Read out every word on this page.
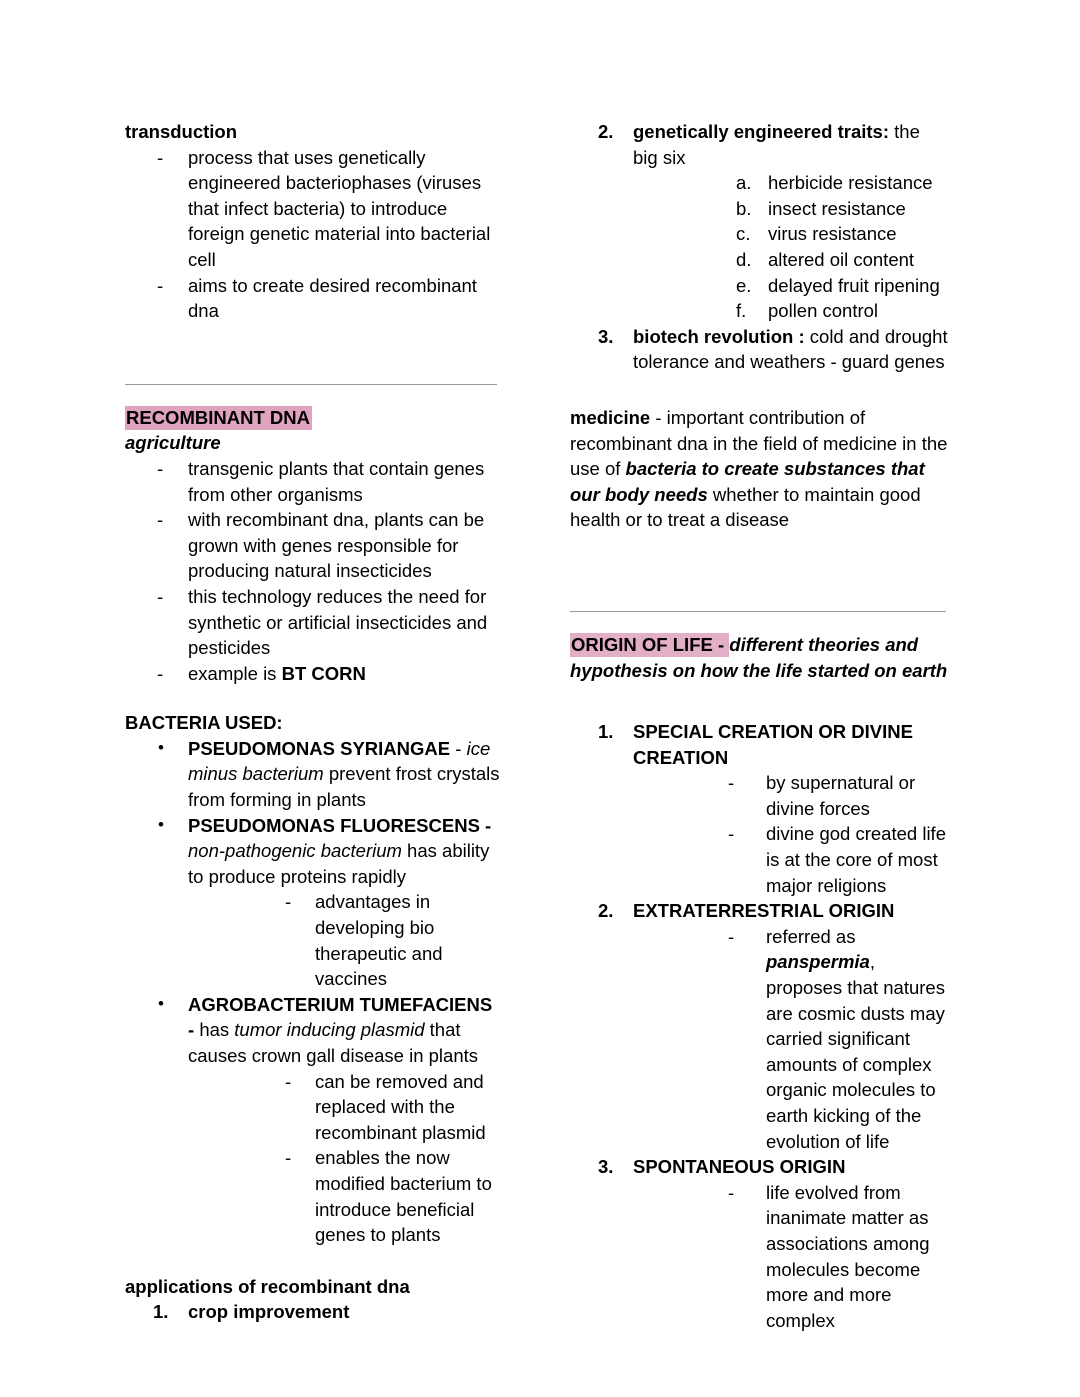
transduction
- process that uses genetically engineered bacteriophases (viruses that infect bacteria) to introduce foreign genetic material into bacterial cell
- aims to create desired recombinant dna
RECOMBINANT DNA
agriculture
- transgenic plants that contain genes from other organisms
- with recombinant dna, plants can be grown with genes responsible for producing natural insecticides
- this technology reduces the need for synthetic or artificial insecticides and pesticides
- example is BT CORN
BACTERIA USED:
• PSEUDOMONAS SYRIANGAE - ice minus bacterium prevent frost crystals from forming in plants
• PSEUDOMONAS FLUORESCENS - non-pathogenic bacterium has ability to produce proteins rapidly
- advantages in developing bio therapeutic and vaccines
• AGROBACTERIUM TUMEFACIENS - has tumor inducing plasmid that causes crown gall disease in plants
- can be removed and replaced with the recombinant plasmid
- enables the now modified bacterium to introduce beneficial genes to plants
applications of recombinant dna
1. crop improvement
2. genetically engineered traits: the big six
a. herbicide resistance
b. insect resistance
c. virus resistance
d. altered oil content
e. delayed fruit ripening
f. pollen control
3. biotech revolution : cold and drought tolerance and weathers - guard genes
medicine - important contribution of recombinant dna in the field of medicine in the use of bacteria to create substances that our body needs whether to maintain good health or to treat a disease
ORIGIN OF LIFE - different theories and hypothesis on how the life started on earth
1. SPECIAL CREATION OR DIVINE CREATION
- by supernatural or divine forces
- divine god created life is at the core of most major religions
2. EXTRATERRESTRIAL ORIGIN
- referred as panspermia, proposes that natures are cosmic dusts may carried significant amounts of complex organic molecules to earth kicking of the evolution of life
3. SPONTANEOUS ORIGIN
- life evolved from inanimate matter as associations among molecules become more and more complex
